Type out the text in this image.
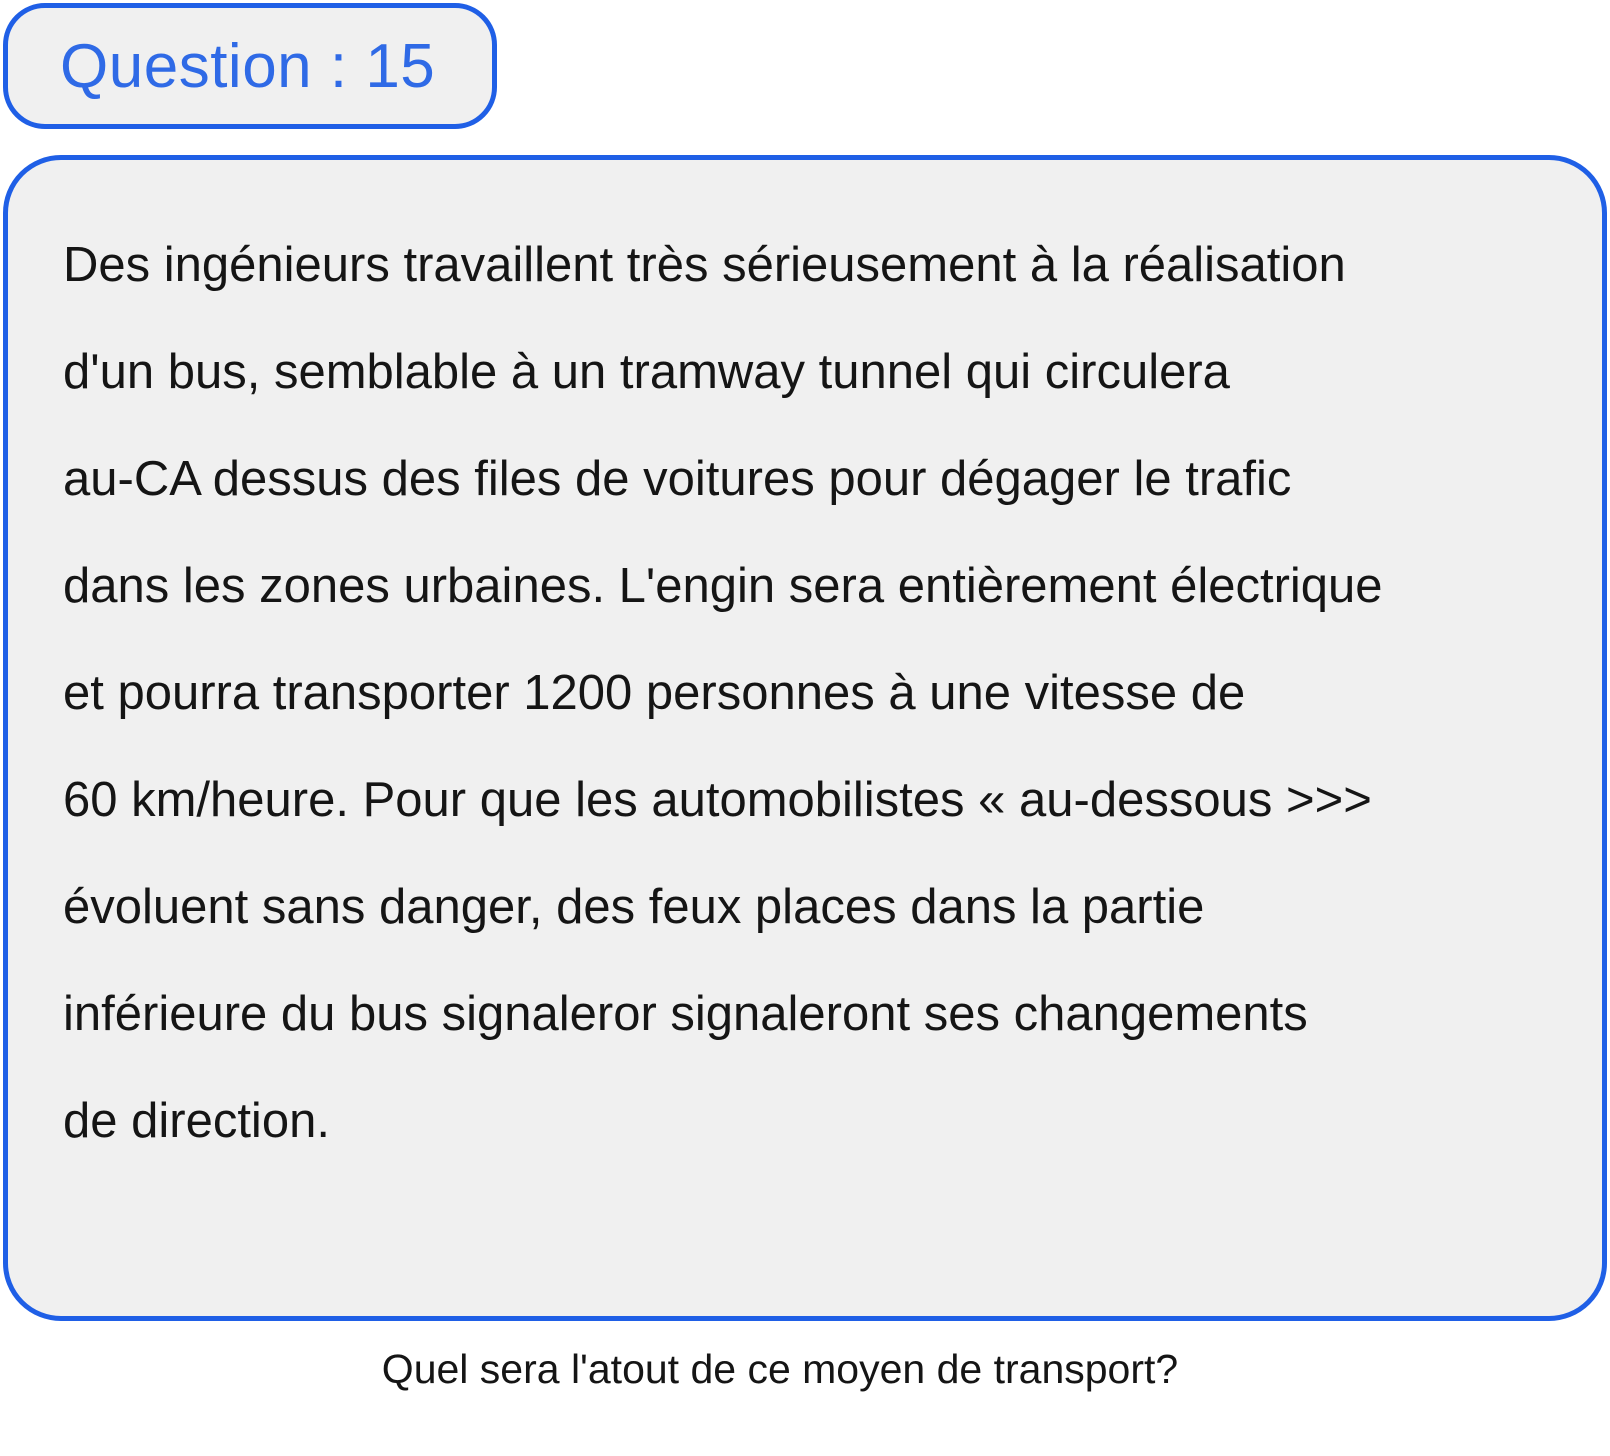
Question : 15
Des ingénieurs travaillent très sérieusement à la réalisation
d'un bus, semblable à un tramway tunnel qui circulera
au-CA dessus des files de voitures pour dégager le trafic
dans les zones urbaines. L'engin sera entièrement électrique
et pourra transporter 1200 personnes à une vitesse de
60 km/heure. Pour que les automobilistes « au-dessous >>>
évoluent sans danger, des feux places dans la partie
inférieure du bus signaleror signaleront ses changements
de direction.
Quel sera l'atout de ce moyen de transport?
